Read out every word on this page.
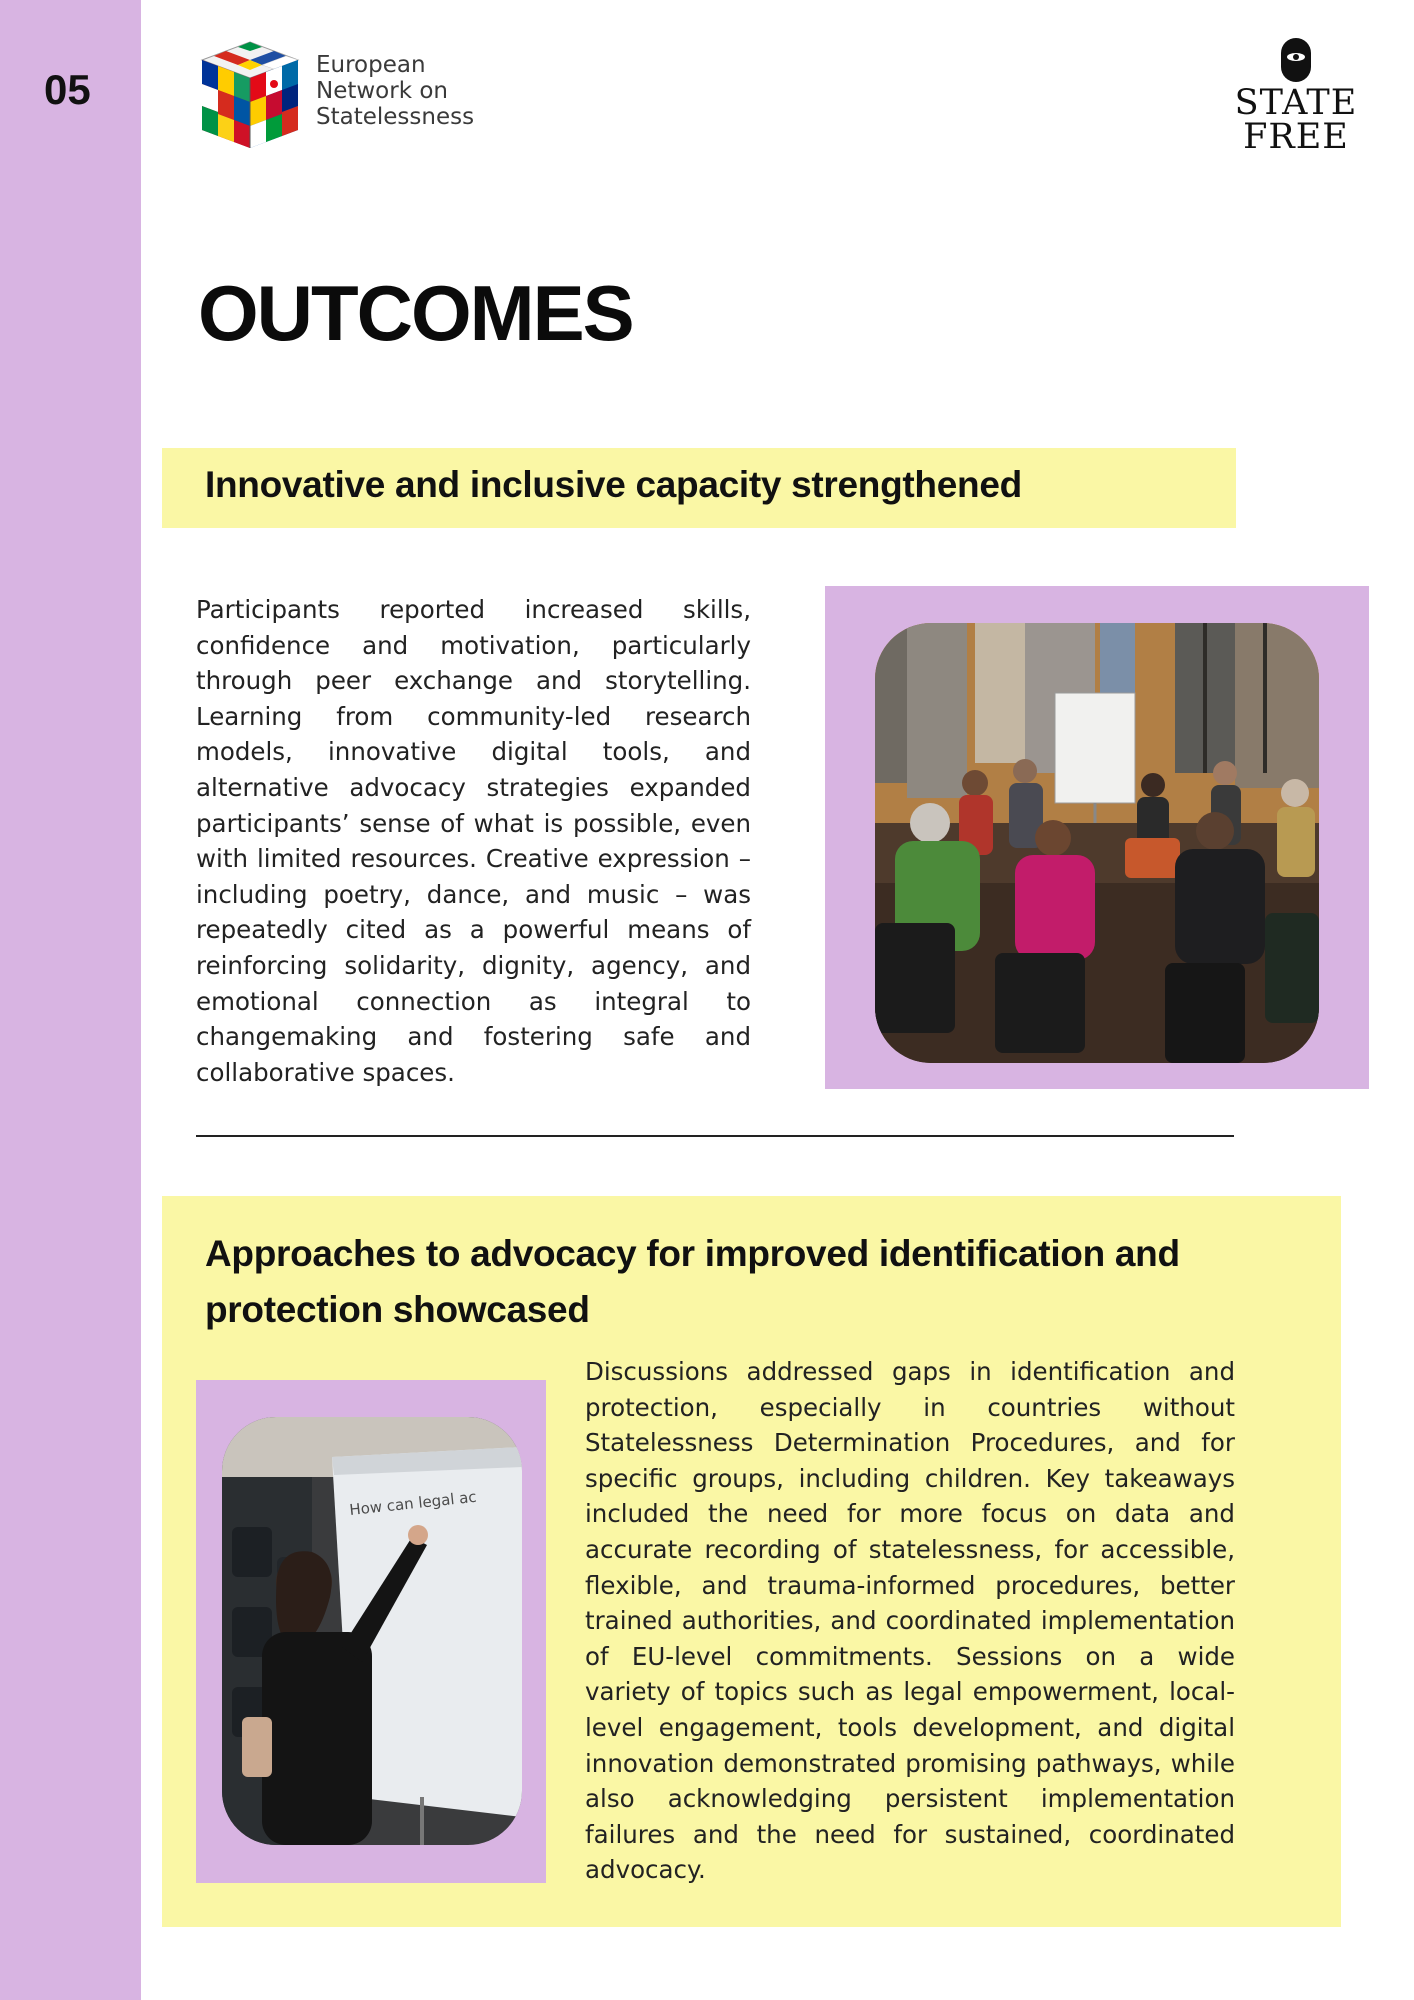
05
European
Network on
Statelessness	STATE
FREE
OUTCOMES
Innovative and inclusive capacity strengthened

Participants reported increased skills, confidence and motivation, particularly through peer exchange and storytelling. Learning from community-led research models, innovative digital tools, and alternative advocacy strategies expanded participants’ sense of what is possible, even with limited resources. Creative expression – including poetry, dance, and music – was repeatedly cited as a powerful means of reinforcing solidarity, dignity, agency, and emotional connection as integral to changemaking and fostering safe and collaborative spaces.

Approaches to advocacy for improved identification and protection showcased
How can legal ac

Discussions addressed gaps in identification and protection, especially in countries without Statelessness Determination Procedures, and for specific groups, including children. Key takeaways included the need for more focus on data and accurate recording of statelessness, for accessible, flexible, and trauma-informed procedures, better trained authorities, and coordinated implementation of EU-level commitments. Sessions on a wide variety of topics such as legal empowerment, local-level engagement, tools development, and digital innovation demonstrated promising pathways, while also acknowledging persistent implementation failures and the need for sustained, coordinated advocacy.
